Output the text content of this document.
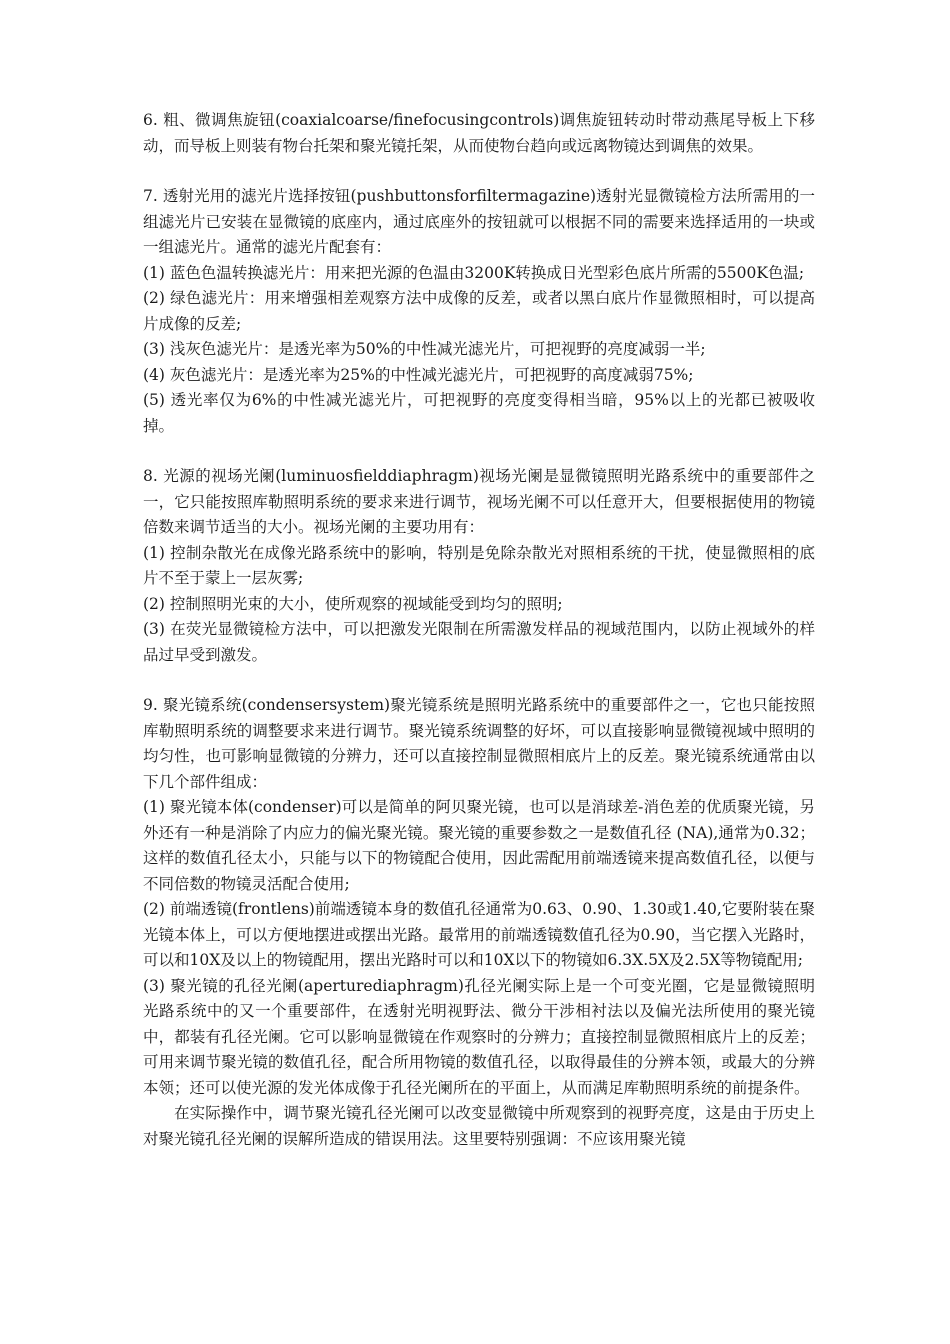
6. 粗、微调焦旋钮(coaxialcoarse/finefocusingcontrols)调焦旋钮转动时带动燕尾导板上下移动，而导板上则装有物台托架和聚光镜托架，从而使物台趋向或远离物镜达到调焦的效果。

7. 透射光用的滤光片选择按钮(pushbuttonsforfiltermagazine)透射光显微镜检方法所需用的一组滤光片已安装在显微镜的底座内，通过底座外的按钮就可以根据不同的需要来选择适用的一块或一组滤光片。通常的滤光片配套有：

(1) 蓝色色温转换滤光片：用来把光源的色温由3200K转换成日光型彩色底片所需的5500K色温;

(2) 绿色滤光片：用来增强相差观察方法中成像的反差，或者以黑白底片作显微照相时，可以提高片成像的反差;

(3) 浅灰色滤光片：是透光率为50%的中性减光滤光片，可把视野的亮度减弱一半;

(4) 灰色滤光片：是透光率为25%的中性减光滤光片，可把视野的高度减弱75%;

(5) 透光率仅为6%的中性减光滤光片，可把视野的亮度变得相当暗，95%以上的光都已被吸收掉。

8. 光源的视场光阑(luminuosfielddiaphragm)视场光阑是显微镜照明光路系统中的重要部件之一，它只能按照库勒照明系统的要求来进行调节，视场光阑不可以任意开大，但要根据使用的物镜倍数来调节适当的大小。视场光阑的主要功用有：

(1) 控制杂散光在成像光路系统中的影响，特别是免除杂散光对照相系统的干扰，使显微照相的底片不至于蒙上一层灰雾;

(2) 控制照明光束的大小，使所观察的视域能受到均匀的照明;

(3) 在荧光显微镜检方法中，可以把激发光限制在所需激发样品的视域范围内，以防止视域外的样品过早受到激发。

9. 聚光镜系统(condensersystem)聚光镜系统是照明光路系统中的重要部件之一，它也只能按照库勒照明系统的调整要求来进行调节。聚光镜系统调整的好坏，可以直接影响显微镜视域中照明的均匀性，也可影响显微镜的分辨力，还可以直接控制显微照相底片上的反差。聚光镜系统通常由以下几个部件组成：

(1) 聚光镜本体(condenser)可以是简单的阿贝聚光镜，也可以是消球差-消色差的优质聚光镜，另外还有一种是消除了内应力的偏光聚光镜。聚光镜的重要参数之一是数值孔径 (NA),通常为0.32；这样的数值孔径太小，只能与以下的物镜配合使用，因此需配用前端透镜来提高数值孔径，以便与不同倍数的物镜灵活配合使用;

(2) 前端透镜(frontlens)前端透镜本身的数值孔径通常为0.63、0.90、1.30或1.40,它要附装在聚光镜本体上，可以方便地摆进或摆出光路。最常用的前端透镜数值孔径为0.90，当它摆入光路时，可以和10X及以上的物镜配用，摆出光路时可以和10X以下的物镜如6.3X.5X及2.5X等物镜配用;

(3) 聚光镜的孔径光阑(aperturediaphragm)孔径光阑实际上是一个可变光圈，它是显微镜照明光路系统中的又一个重要部件，在透射光明视野法、微分干涉相衬法以及偏光法所使用的聚光镜中，都装有孔径光阑。它可以影响显微镜在作观察时的分辨力；直接控制显微照相底片上的反差；可用来调节聚光镜的数值孔径，配合所用物镜的数值孔径，以取得最佳的分辨本领，或最大的分辨本领；还可以使光源的发光体成像于孔径光阑所在的平面上，从而满足库勒照明系统的前提条件。

在实际操作中，调节聚光镜孔径光阑可以改变显微镜中所观察到的视野亮度，这是由于历史上对聚光镜孔径光阑的误解所造成的错误用法。这里要特别强调：不应该用聚光镜
